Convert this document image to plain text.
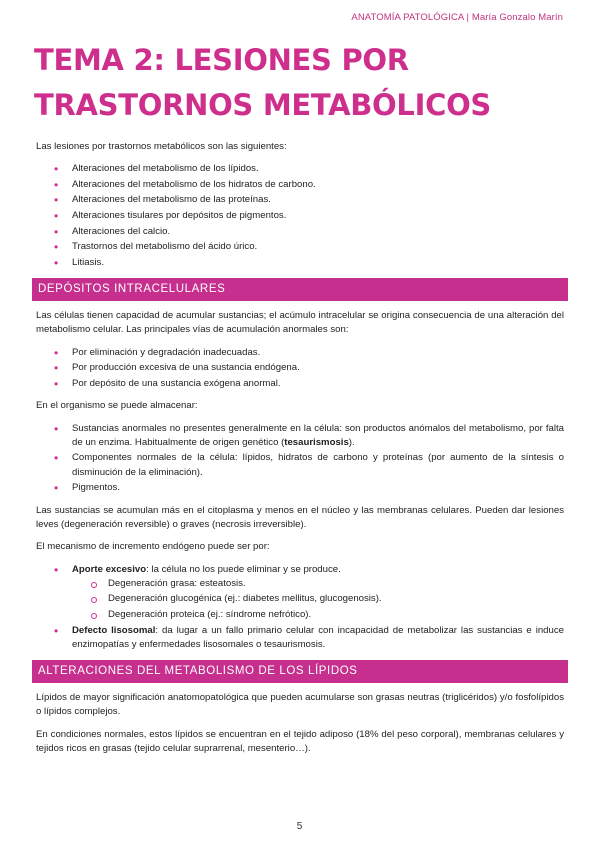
ANATOMÍA PATOLÓGICA | María Gonzalo Marín
TEMA 2: LESIONES POR TRASTORNOS METABÓLICOS

Las lesiones por trastornos metabólicos son las siguientes:

• Alteraciones del metabolismo de los lípidos.
• Alteraciones del metabolismo de los hidratos de carbono.
• Alteraciones del metabolismo de las proteínas.
• Alteraciones tisulares por depósitos de pigmentos.
• Alteraciones del calcio.
• Trastornos del metabolismo del ácido úrico.
• Litiasis.
DEPÓSITOS INTRACELULARES

Las células tienen capacidad de acumular sustancias; el acúmulo intracelular se origina consecuencia de una alteración del metabolismo celular. Las principales vías de acumulación anormales son:

• Por eliminación y degradación inadecuadas.
• Por producción excesiva de una sustancia endógena.
• Por depósito de una sustancia exógena anormal.

En el organismo se puede almacenar:

• Sustancias anormales no presentes generalmente en la célula: son productos anómalos del metabolismo, por falta de un enzima. Habitualmente de origen genético (tesaurismosis).
• Componentes normales de la célula: lípidos, hidratos de carbono y proteínas (por aumento de la síntesis o disminución de la eliminación).
• Pigmentos.

Las sustancias se acumulan más en el citoplasma y menos en el núcleo y las membranas celulares. Pueden dar lesiones leves (degeneración reversible) o graves (necrosis irreversible).

El mecanismo de incremento endógeno puede ser por:

• Aporte excesivo: la célula no los puede eliminar y se produce.
Degeneración grasa: esteatosis.
Degeneración glucogénica (ej.: diabetes mellitus, glucogenosis).
Degeneración proteica (ej.: síndrome nefrótico).
• Defecto lisosomal: da lugar a un fallo primario celular con incapacidad de metabolizar las sustancias e induce enzimopatías y enfermedades lisosomales o tesaurismosis.
ALTERACIONES DEL METABOLISMO DE LOS LÍPIDOS

Lípidos de mayor significación anatomopatológica que pueden acumularse son grasas neutras (triglicéridos) y/o fosfolípidos o lípidos complejos.

En condiciones normales, estos lípidos se encuentran en el tejido adiposo (18% del peso corporal), membranas celulares y tejidos ricos en grasas (tejido celular suprarrenal, mesenterio…).

5
